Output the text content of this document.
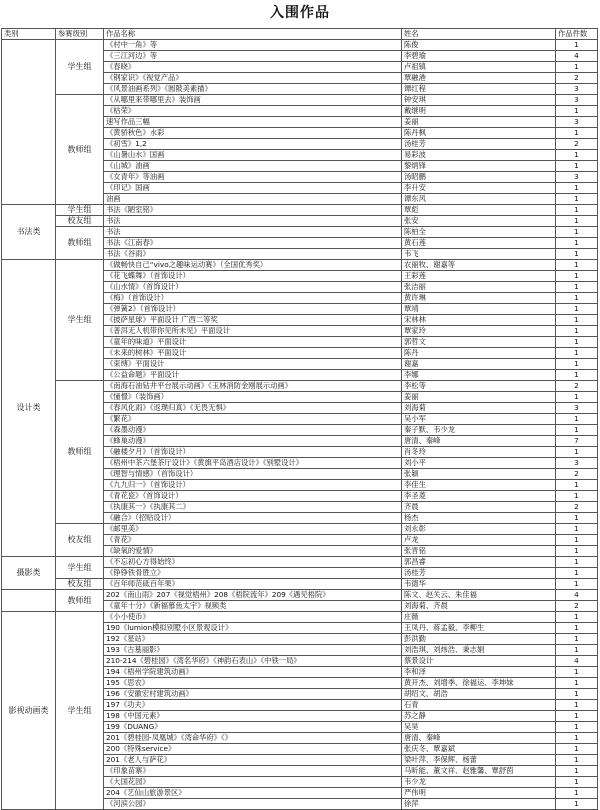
入围作品
类别	参赛级别	作品名称	姓名	作品件数
	学生组	《村中一角》等	陈俊	1
		《三江河边》等	李碧瑜	4
		《春晓》	卢祖镇	1
		《钢家识》《视觉产品》	覃融港	2
		《风景油画系列》《圆陂美素描》	谭红程	3
	教师组	《从哪里来带哪里去》装饰画	钟安琪	3
		《枯荣》	戴继明	1
		速写作品三幅	姜丽	3
		《黄骄秋色》水彩	陈丹枫	1
		《初雪》1,2	汤桂芳	2
		《山暑山水》国画	易彩波	1
		《山城》油画	黎炳锋	1
		《女青年》等油画	汤昭鹏	3
		《印记》国画	李升安	1
		油画	谭东风	1
书法类	学生组	书法《陋室铭》	覃彪	1
	校友组	书法	张安	1
	教师组	书法	陈柏全	1
		书法《江南春》	黄石莲	1
		书法《谷雨》	韦飞	1
设计类	学生组	《做畅快自己“vivo之趣味运动赛》（全国优秀奖）	农丽牧、谢嘉等	1
		《花飞蝶舞》（首饰设计）	王彩莲	1
		《山水情》（首饰设计）	张洁丽	1
		《梅》（首饰设计）	黄许琳	1
		《弹簧2》（首饰设计）	覃靖	1
		《披萨星球》平面设计 广西二等奖	宋林林	1
		《普洱无人机带你见所未见》平面设计	覃家玲	1
		《童年的味道》平面设计	郭哲文	1
		《未来的树林》平面设计	陈丹	1
		《束缚》平面设计	谢嘉	1
		《公益命题》平面设计	李娜	1
	教师组	《南海石油钻井平台展示动画》《玉林消防金刚展示动画》	李松等	2
		《憧憬》（装饰画）	姜丽	1
		《春风化雨》《返璞归真》《无畏无惧》	刘海菊	3
		《繁花》	吴小军	1
		《森墨动漫》	秦子默、韦少龙	1
		《蜂巢动漫》	唐清、秦峰	7
		《融楼夕月》（首饰设计）	肖冬玲	1
		《梧州中茶六堡茶厅设计》《黄旗平岛酒店设计》《别墅设计》	刘小平	3
		《理智与情感》（首饰设计）	张颖	2
		《九九归一》（首饰设计）	李佳生	1
		《青花瓷》（首饰设计）	李圣菱	1
		《执康其一》《执康其二》	齐晨	2
		《融合》（招贴设计）	杨杰	1
	校友组	《邮里美》	刘永彰	1
		《青花》	卢龙	1
		《缺氧的爱情》	张晋铭	1
摄影类	学生组	《不忘初心方得始终》	郭昌睿	1
		《铮铮铁骨胜立》	汤桂芳	1
	校友组	《百年师范砥百年果》	韦德华	1
	教师组	202《南山雨》207《视觉梧州》208《梧院流年》209《遇见梧院》	陈文、赵关云、朱佳福	4
		《童年十分》《新福慕鱼太宇》视频类	刘海菊、齐晨	2
影视动画类	学生组	《小小使币》	庄薇	1
		190《lumion模拟别墅小区景观设计》	王凤丹、蒋孟毅、李柳生	1
		192《星站》	彭洪勤	1
		193《古墓丽影》	刘浩琪、刘炜浩、秉志娟	1
		210-214《碧桂园》《湾名华府》《神韵石表山》《中铁一局》	蔡景设计	4
		194《梧州学院建筑动画》	李和泽	1
		195《思农》	黄开杰、刘增季、徐福运、李坤妹	1
		196《安徽宏村建筑动画》	胡绍文、胡浩	1
		197《功夫》	石青	1
		198《中国元素》	苏之静	1
		199《DUANG》	吴昊	1
		201《碧桂园-凤凰城》《湾命华府》《》	唐清、秦峰	1
		200《特殊service》	张庆冬、覃嘉斌	1
		201《老人与萨花》	梁叶萍、李保辉、杨蕾	1
		《印象苗寨》	马昕能、董文祥、赵雅馨、覃舒茵	1
		《大国花园》	韦少龙	1
		204《艺仙山旅游景区》	严伟明	1
		《河滨公园》	徐萍	1
